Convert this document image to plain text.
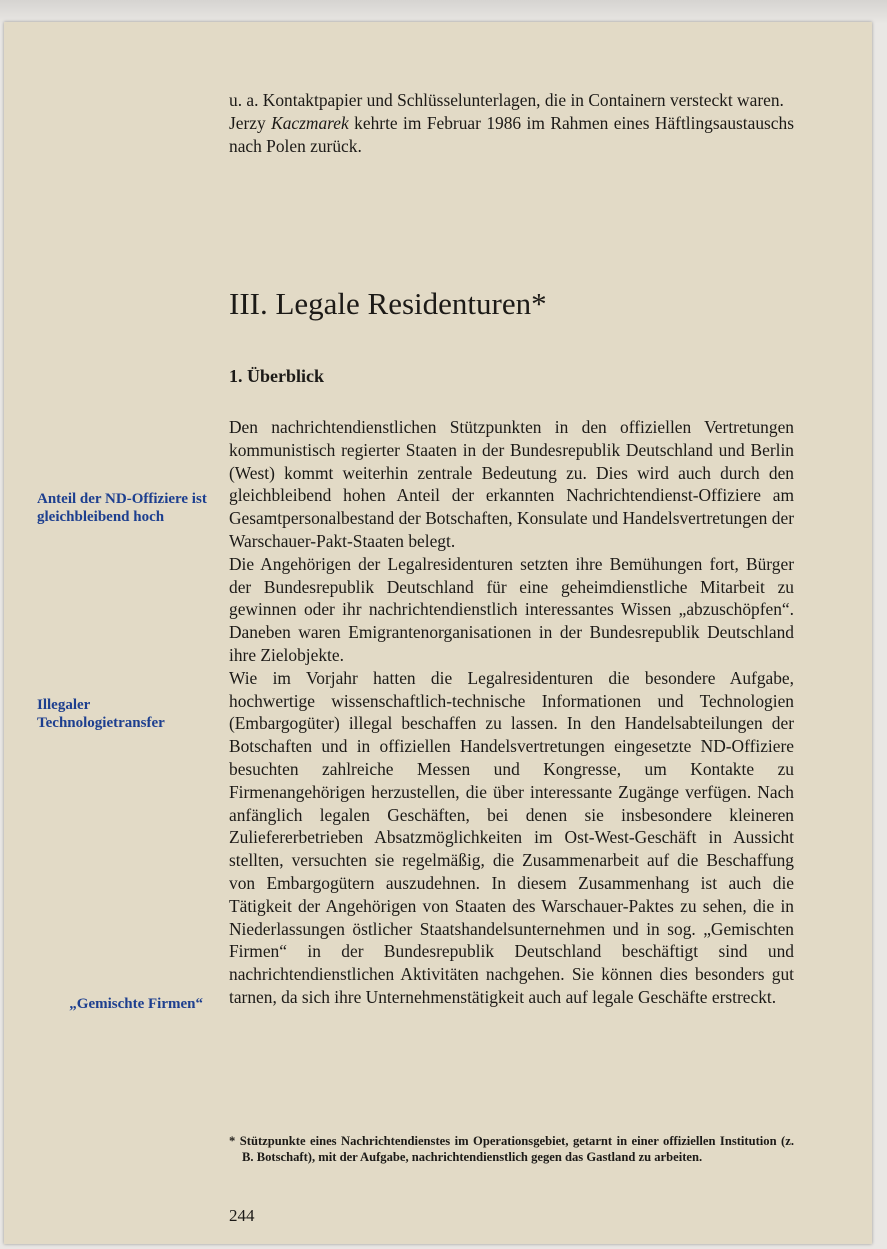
u. a. Kontaktpapier und Schlüsselunterlagen, die in Containern versteckt waren.

Jerzy Kaczmarek kehrte im Februar 1986 im Rahmen eines Häftlingsaustauschs nach Polen zurück.

III. Legale Residenturen*
1. Überblick

Den nachrichtendienstlichen Stützpunkten in den offiziellen Vertretungen kommunistisch regierter Staaten in der Bundesrepublik Deutschland und Berlin (West) kommt weiterhin zentrale Bedeutung zu. Dies wird auch durch den gleichbleibend hohen Anteil der erkannten Nachrichtendienst-Offiziere am Gesamtpersonalbestand der Botschaften, Konsulate und Handelsvertretungen der Warschauer-Pakt-Staaten belegt.

Die Angehörigen der Legalresidenturen setzten ihre Bemühungen fort, Bürger der Bundesrepublik Deutschland für eine geheimdienstliche Mitarbeit zu gewinnen oder ihr nachrichtendienstlich interessantes Wissen „abzuschöpfen“. Daneben waren Emigrantenorganisationen in der Bundesrepublik Deutschland ihre Zielobjekte.

Wie im Vorjahr hatten die Legalresidenturen die besondere Aufgabe, hochwertige wissenschaftlich-technische Informationen und Technologien (Embargogüter) illegal beschaffen zu lassen. In den Handelsabteilungen der Botschaften und in offiziellen Handelsvertretungen eingesetzte ND-Offiziere besuchten zahlreiche Messen und Kongresse, um Kontakte zu Firmenangehörigen herzustellen, die über interessante Zugänge verfügen. Nach anfänglich legalen Geschäften, bei denen sie insbesondere kleineren Zuliefererbetrieben Absatzmöglichkeiten im Ost-West-Geschäft in Aussicht stellten, versuchten sie regelmäßig, die Zusammenarbeit auf die Beschaffung von Embargogütern auszudehnen. In diesem Zusammenhang ist auch die Tätigkeit der Angehörigen von Staaten des Warschauer-Paktes zu sehen, die in Niederlassungen östlicher Staatshandelsunternehmen und in sog. „Gemischten Firmen“ in der Bundesrepublik Deutschland beschäftigt sind und nachrichtendienstlichen Aktivitäten nachgehen. Sie können dies besonders gut tarnen, da sich ihre Unternehmenstätigkeit auch auf legale Geschäfte erstreckt.

Anteil der ND-Offiziere ist gleichbleibend hoch

Illegaler Technologietransfer

„Gemischte Firmen“

* Stützpunkte eines Nachrichtendienstes im Operationsgebiet, getarnt in einer offiziellen Institution (z. B. Botschaft), mit der Aufgabe, nachrichtendienstlich gegen das Gastland zu arbeiten.

244
